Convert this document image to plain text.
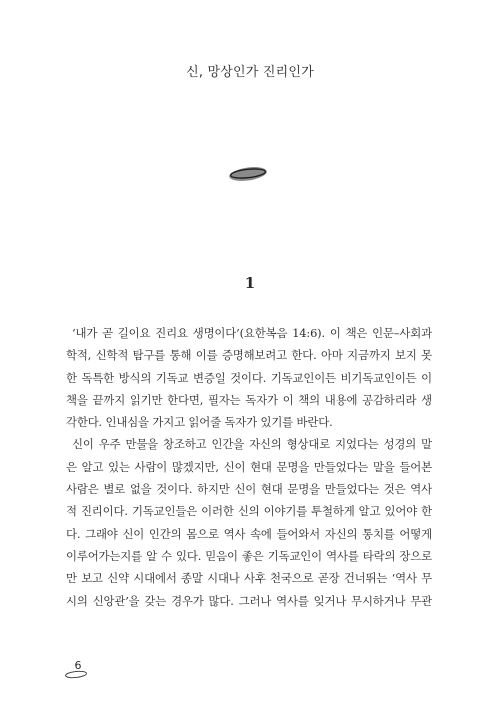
신, 망상인가 진리인가
1

‘내가 곧 길이요 진리요 생명이다’(요한복음 14:6). 이 책은 인문–사회과

학적, 신학적 탐구를 통해 이를 증명해보려고 한다. 아마 지금까지 보지 못

한 독특한 방식의 기독교 변증일 것이다. 기독교인이든 비기독교인이든 이

책을 끝까지 읽기만 한다면, 필자는 독자가 이 책의 내용에 공감하리라 생

각한다. 인내심을 가지고 읽어줄 독자가 있기를 바란다.

신이 우주 만물을 창조하고 인간을 자신의 형상대로 지었다는 성경의 말

은 알고 있는 사람이 많겠지만, 신이 현대 문명을 만들었다는 말을 들어본

사람은 별로 없을 것이다. 하지만 신이 현대 문명을 만들었다는 것은 역사

적 진리이다. 기독교인들은 이러한 신의 이야기를 투철하게 알고 있어야 한

다. 그래야 신이 인간의 몸으로 역사 속에 들어와서 자신의 통치를 어떻게

이루어가는지를 알 수 있다. 믿음이 좋은 기독교인이 역사를 타락의 장으로

만 보고 신약 시대에서 종말 시대나 사후 천국으로 곧장 건너뛰는 ‘역사 무

시의 신앙관’을 갖는 경우가 많다. 그러나 역사를 잊거나 무시하거나 무관

6
